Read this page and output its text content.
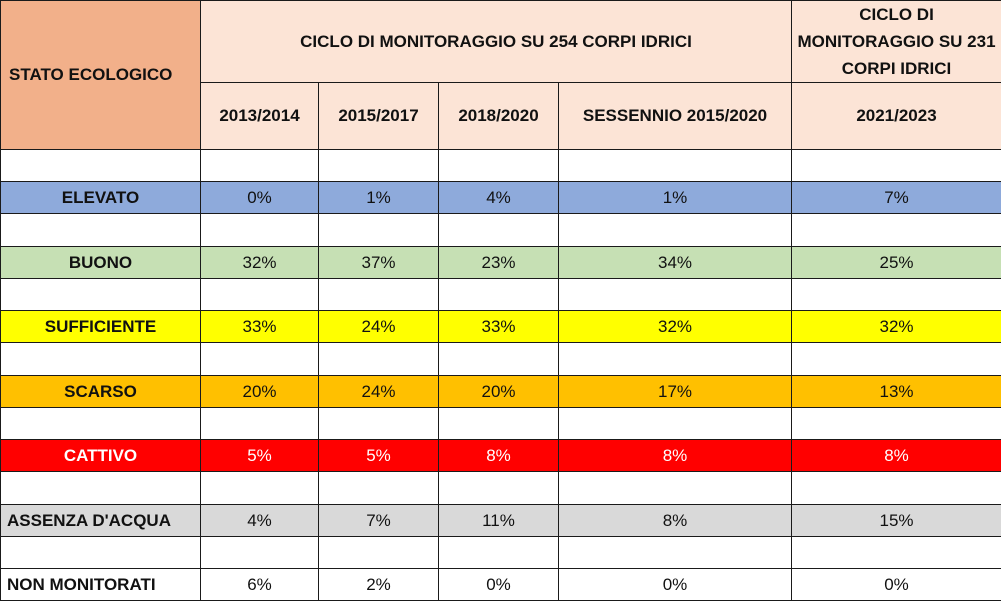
STATO ECOLOGICO	CICLO DI MONITORAGGIO SU 254 CORPI IDRICI				CICLO DI MONITORAGGIO SU 231 CORPI IDRICI
	2013/2014	2015/2017	2018/2020	SESSENNIO 2015/2020	2021/2023

ELEVATO	0%	1%	4%	1%	7%

BUONO	32%	37%	23%	34%	25%

SUFFICIENTE	33%	24%	33%	32%	32%

SCARSO	20%	24%	20%	17%	13%

CATTIVO	5%	5%	8%	8%	8%

ASSENZA D'ACQUA	4%	7%	11%	8%	15%

NON MONITORATI	6%	2%	0%	0%	0%
